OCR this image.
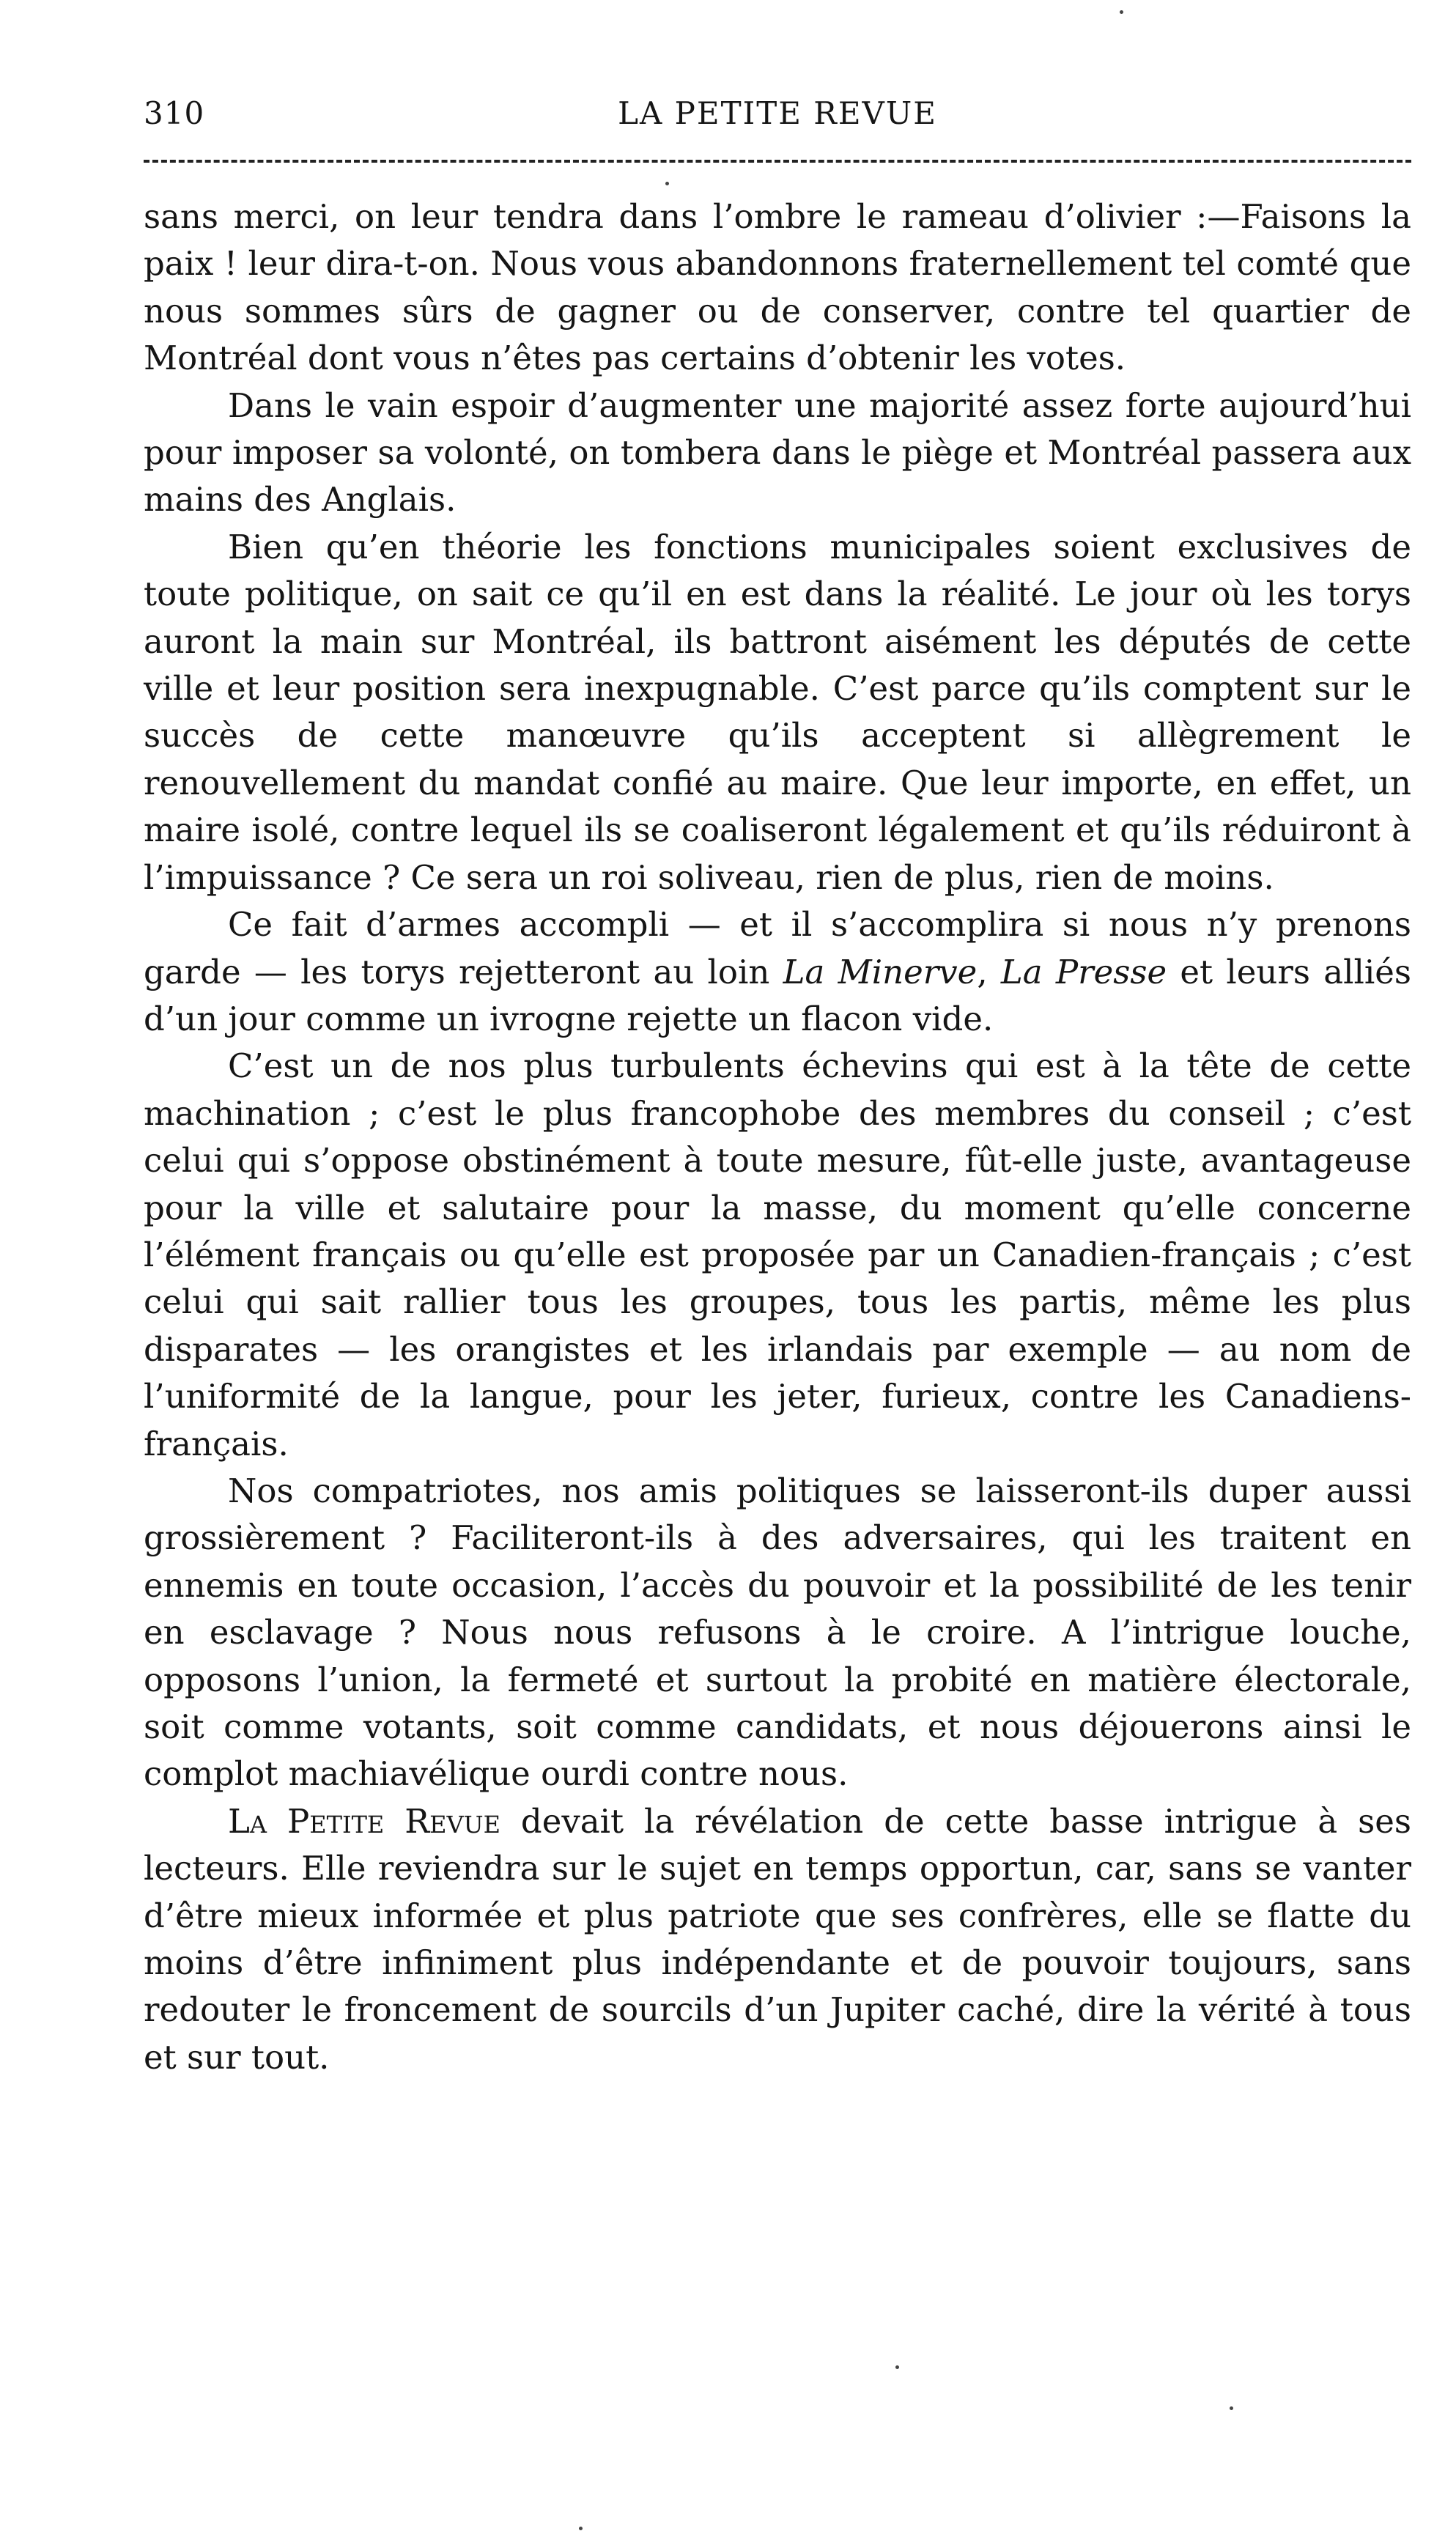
310	LA PETITE REVUE

sans merci, on leur tendra dans l’ombre le rameau d’olivier :—Faisons la paix ! leur dira-t-on. Nous vous abandonnons fraternellement tel comté que nous sommes sûrs de gagner ou de conserver, contre tel quartier de Montréal dont vous n’êtes pas certains d’obtenir les votes.

Dans le vain espoir d’augmenter une majorité assez forte aujourd’hui pour imposer sa volonté, on tombera dans le piège et Montréal passera aux mains des Anglais.

Bien qu’en théorie les fonctions municipales soient exclusives de toute politique, on sait ce qu’il en est dans la réalité. Le jour où les torys auront la main sur Montréal, ils battront aisément les députés de cette ville et leur position sera inexpugnable. C’est parce qu’ils comptent sur le succès de cette manœuvre qu’ils acceptent si allègrement le renouvellement du mandat confié au maire. Que leur importe, en effet, un maire isolé, contre lequel ils se coaliseront légalement et qu’ils réduiront à l’impuissance ? Ce sera un roi soliveau, rien de plus, rien de moins.

Ce fait d’armes accompli — et il s’accomplira si nous n’y prenons garde — les torys rejetteront au loin La Minerve, La Presse et leurs alliés d’un jour comme un ivrogne rejette un flacon vide.

C’est un de nos plus turbulents échevins qui est à la tête de cette machination ; c’est le plus francophobe des membres du conseil ; c’est celui qui s’oppose obstinément à toute mesure, fût-elle juste, avantageuse pour la ville et salutaire pour la masse, du moment qu’elle concerne l’élément français ou qu’elle est proposée par un Canadien-français ; c’est celui qui sait rallier tous les groupes, tous les partis, même les plus disparates — les orangistes et les irlandais par exemple — au nom de l’uniformité de la langue, pour les jeter, furieux, contre les Canadiens-français.

Nos compatriotes, nos amis politiques se laisseront-ils duper aussi grossièrement ? Faciliteront-ils à des adversaires, qui les traitent en ennemis en toute occasion, l’accès du pouvoir et la possibilité de les tenir en esclavage ? Nous nous refusons à le croire. A l’intrigue louche, opposons l’union, la fermeté et surtout la probité en matière électorale, soit comme votants, soit comme candidats, et nous déjouerons ainsi le complot machiavélique ourdi contre nous.

La Petite Revue devait la révélation de cette basse intrigue à ses lecteurs. Elle reviendra sur le sujet en temps opportun, car, sans se vanter d’être mieux informée et plus patriote que ses confrères, elle se flatte du moins d’être infiniment plus indépendante et de pouvoir toujours, sans redouter le froncement de sourcils d’un Jupiter caché, dire la vérité à tous et sur tout.
